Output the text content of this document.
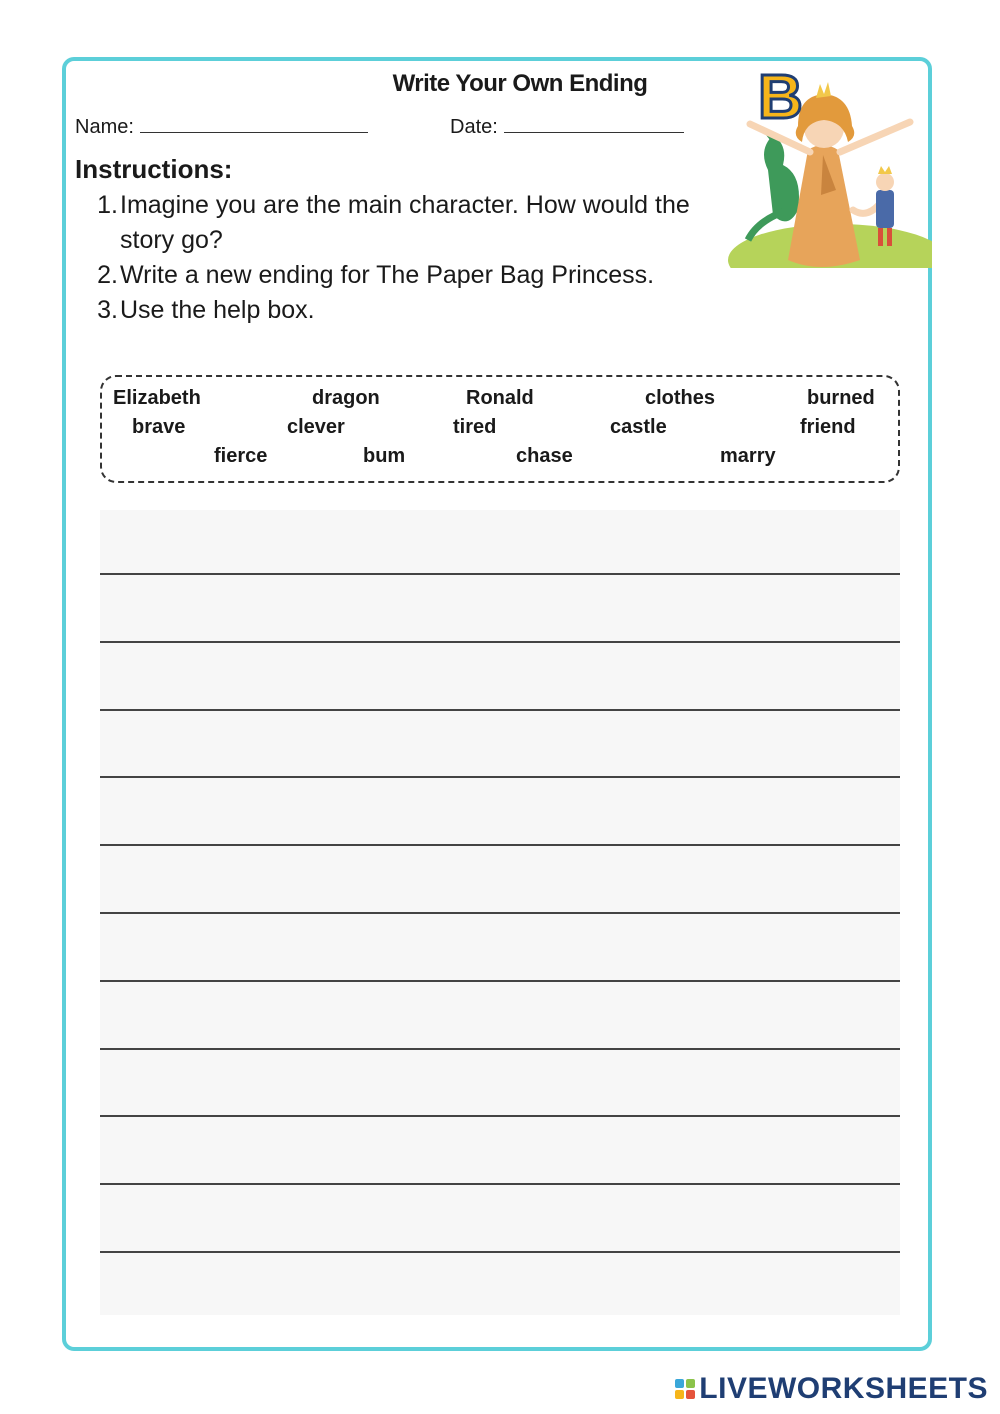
Write Your Own Ending
Name:	Date:
Instructions:
1. Imagine you are the main character. How would the story go?
2. Write a new ending for The Paper Bag Princess.
3. Use the help box.
B
Elizabeth	dragon	Ronald	clothes	burned
brave	clever	tired	castle	friend
fierce	bum	chase	marry
LIVEWORKSHEETS
